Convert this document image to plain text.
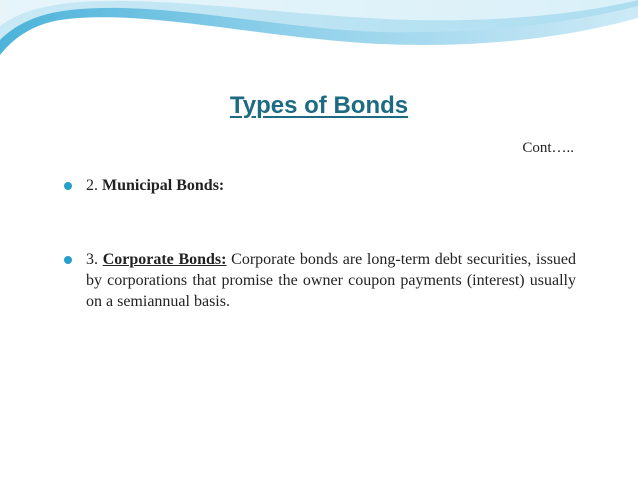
Types of Bonds
Cont…..
2. Municipal Bonds:
3. Corporate Bonds: Corporate bonds are long-term debt securities, issued by corporations that promise the owner coupon payments (interest) usually on a semiannual basis.
